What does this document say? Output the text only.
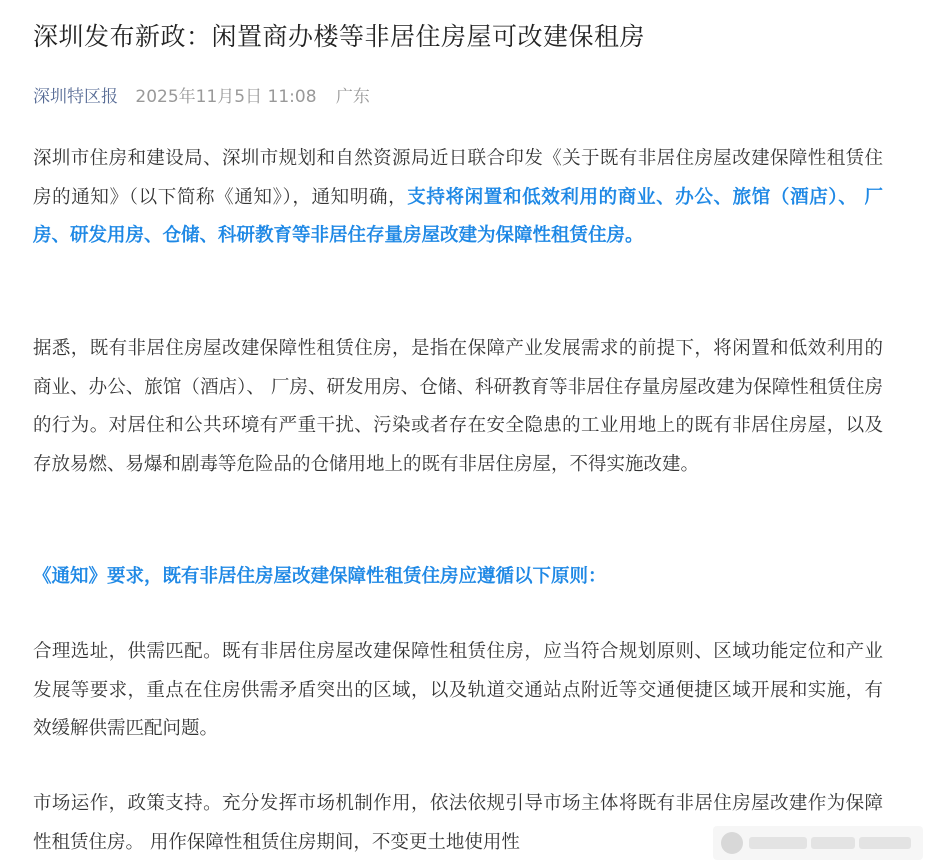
深圳发布新政：闲置商办楼等非居住房屋可改建保租房
深圳特区报 2025年11月5日 11:08 广东

深圳市住房和建设局、深圳市规划和自然资源局近日联合印发《关于既有非居住房屋改建保障性租赁住房的通知》（以下简称《通知》），通知明确，支持将闲置和低效利用的商业、办公、旅馆（酒店）、 厂房、研发用房、仓储、科研教育等非居住存量房屋改建为保障性租赁住房。

据悉，既有非居住房屋改建保障性租赁住房，是指在保障产业发展需求的前提下，将闲置和低效利用的商业、办公、旅馆（酒店）、 厂房、研发用房、仓储、科研教育等非居住存量房屋改建为保障性租赁住房的行为。对居住和公共环境有严重干扰、污染或者存在安全隐患的工业用地上的既有非居住房屋，以及存放易燃、易爆和剧毒等危险品的仓储用地上的既有非居住房屋，不得实施改建。

《通知》要求，既有非居住房屋改建保障性租赁住房应遵循以下原则：

合理选址，供需匹配。既有非居住房屋改建保障性租赁住房，应当符合规划原则、区域功能定位和产业发展等要求，重点在住房供需矛盾突出的区域，以及轨道交通站点附近等交通便捷区域开展和实施，有效缓解供需匹配问题。

市场运作，政策支持。充分发挥市场机制作用，依法依规引导市场主体将既有非居住房屋改建作为保障性租赁住房。 用作保障性租赁住房期间，不变更土地使用性
